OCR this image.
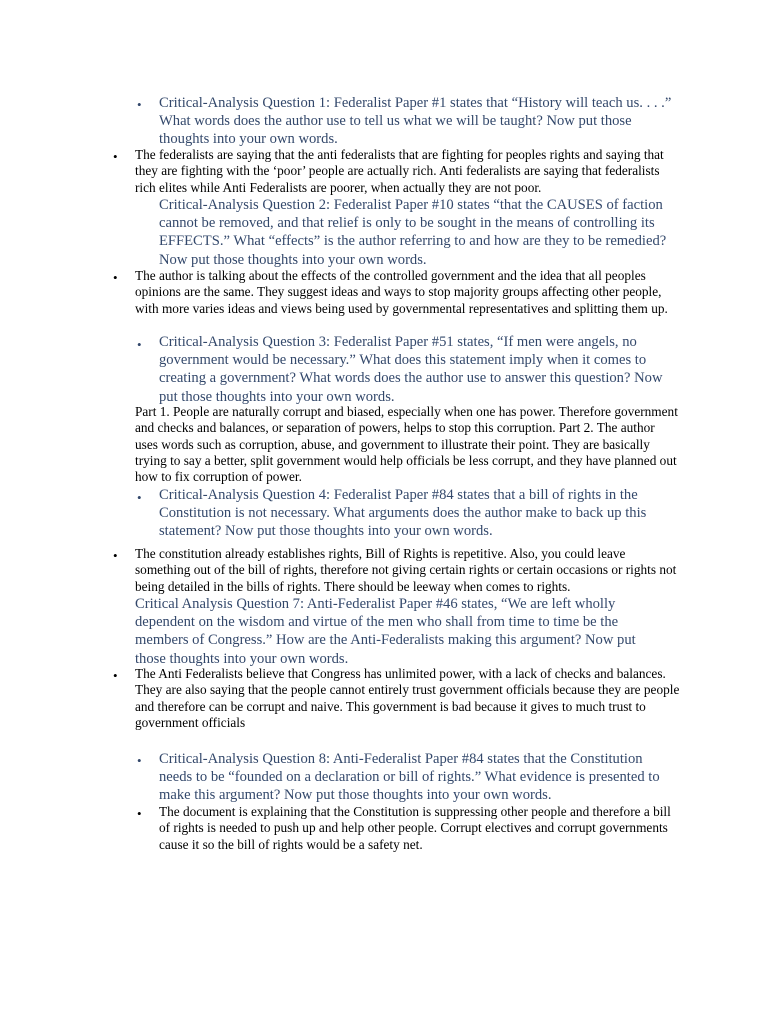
• Critical-Analysis Question 1: Federalist Paper #1 states that “History will teach us. . . .” What words does the author use to tell us what we will be taught? Now put those thoughts into your own words.

• The federalists are saying that the anti federalists that are fighting for peoples rights and saying that they are fighting with the ‘poor’ people are actually rich. Anti federalists are saying that federalists rich elites while Anti Federalists are poorer, when actually they are not poor.

Critical-Analysis Question 2: Federalist Paper #10 states “that the CAUSES of faction cannot be removed, and that relief is only to be sought in the means of controlling its EFFECTS.” What “effects” is the author referring to and how are they to be remedied? Now put those thoughts into your own words.

• The author is talking about the effects of the controlled government and the idea that all peoples opinions are the same. They suggest ideas and ways to stop majority groups affecting other people, with more varies ideas and views being used by governmental representatives and splitting them up.

• Critical-Analysis Question 3: Federalist Paper #51 states, “If men were angels, no government would be necessary.” What does this statement imply when it comes to creating a government? What words does the author use to answer this question? Now put those thoughts into your own words.

Part 1. People are naturally corrupt and biased, especially when one has power. Therefore government and checks and balances, or separation of powers, helps to stop this corruption. Part 2. The author uses words such as corruption, abuse, and government to illustrate their point. They are basically trying to say a better, split government would help officials be less corrupt, and they have planned out how to fix corruption of power.

• Critical-Analysis Question 4: Federalist Paper #84 states that a bill of rights in the Constitution is not necessary. What arguments does the author make to back up this statement? Now put those thoughts into your own words.

• The constitution already establishes rights, Bill of Rights is repetitive. Also, you could leave something out of the bill of rights, therefore not giving certain rights or certain occasions or rights not being detailed in the bills of rights. There should be leeway when comes to rights.

Critical Analysis Question 7: Anti-Federalist Paper #46 states, “We are left wholly dependent on the wisdom and virtue of the men who shall from time to time be the members of Congress.” How are the Anti-Federalists making this argument? Now put those thoughts into your own words.

• The Anti Federalists believe that Congress has unlimited power, with a lack of checks and balances. They are also saying that the people cannot entirely trust government officials because they are people and therefore can be corrupt and naive. This government is bad because it gives to much trust to government officials

• Critical-Analysis Question 8: Anti-Federalist Paper #84 states that the Constitution needs to be “founded on a declaration or bill of rights.” What evidence is presented to make this argument? Now put those thoughts into your own words.

• The document is explaining that the Constitution is suppressing other people and therefore a bill of rights is needed to push up and help other people. Corrupt electives and corrupt governments cause it so the bill of rights would be a safety net.
